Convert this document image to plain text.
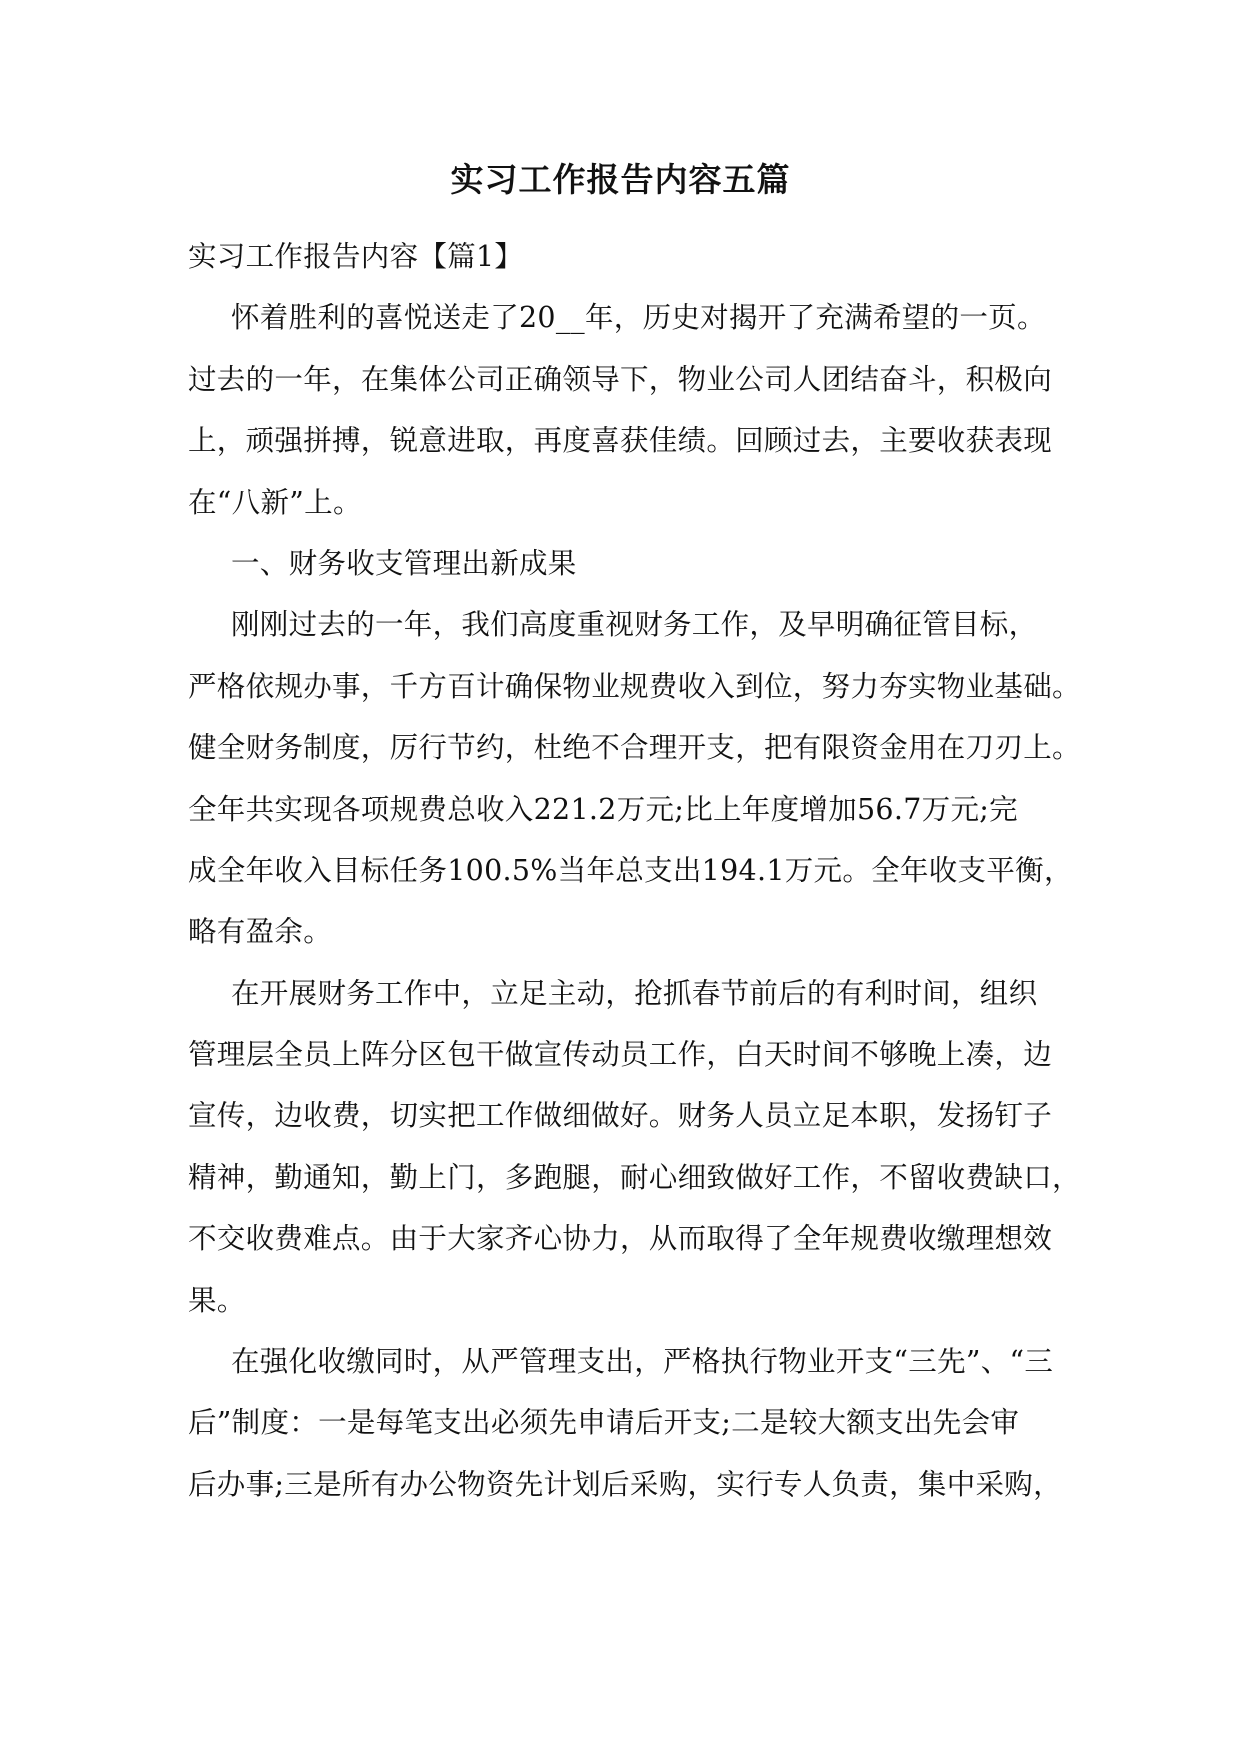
实习工作报告内容五篇
实习工作报告内容【篇1】
怀着胜利的喜悦送走了20__年，历史对揭开了充满希望的一页。
过去的一年，在集体公司正确领导下，物业公司人团结奋斗，积极向
上，顽强拼搏，锐意进取，再度喜获佳绩。回顾过去，主要收获表现
在“八新”上。
一、财务收支管理出新成果
刚刚过去的一年，我们高度重视财务工作，及早明确征管目标，
严格依规办事，千方百计确保物业规费收入到位，努力夯实物业基础。
健全财务制度，厉行节约，杜绝不合理开支，把有限资金用在刀刃上。
全年共实现各项规费总收入221.2万元;比上年度增加56.7万元;完
成全年收入目标任务100.5%当年总支出194.1万元。全年收支平衡，
略有盈余。
在开展财务工作中，立足主动，抢抓春节前后的有利时间，组织
管理层全员上阵分区包干做宣传动员工作，白天时间不够晚上凑，边
宣传，边收费，切实把工作做细做好。财务人员立足本职，发扬钉子
精神，勤通知，勤上门，多跑腿，耐心细致做好工作，不留收费缺口，
不交收费难点。由于大家齐心协力，从而取得了全年规费收缴理想效
果。
在强化收缴同时，从严管理支出，严格执行物业开支“三先”、“三
后”制度：一是每笔支出必须先申请后开支;二是较大额支出先会审
后办事;三是所有办公物资先计划后采购，实行专人负责，集中采购，
